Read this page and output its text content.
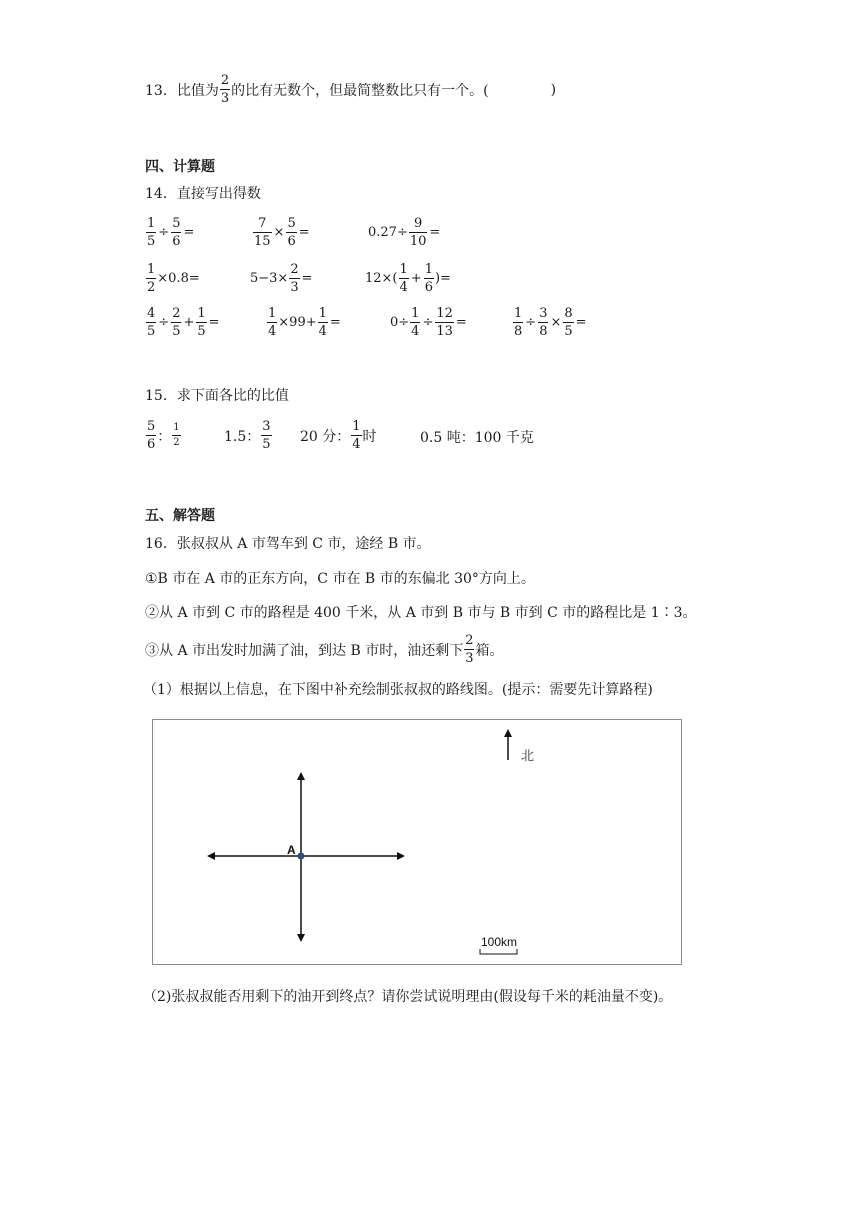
13． 比值为 $\frac{2}{3}$ 的比有无数个，但最简整数比只有一个。(	)
四、计算题
14．直接写出得数
$\frac{1}{5} \div \frac{5}{6}$ =	$\frac{7}{15} \times \frac{5}{6}$ =	$0.27\div \frac{9}{10}$ =
$\frac{1}{2} \times 0.8=$	$5-3\times \frac{2}{3}$ =	$12\times( \frac{1}{4} + \frac{1}{6}$ )=
$\frac{4}{5} \div \frac{2}{5} + \frac{1}{5}$ =	$\frac{1}{4} \times 99+ \frac{1}{4}$ =	$0\div \frac{1}{4} \div \frac{12}{13}$ =	$\frac{1}{8} \div \frac{3}{8} \times \frac{8}{5}$ =
15．求下面各比的比值
$\frac{5}{6}$ ： $\frac{1}{2}$	1.5： $\frac{3}{5} 20$ 分： $\frac{1}{4}$ 时	0.5 吨：100 千克
五、解答题
16．张叔叔从 A 市驾车到 C 市，途经 B 市。
①B 市在 A 市的正东方向，C 市在 B 市的东偏北 30°方向上。
②从 A 市到 C 市的路程是 400 千米，从 A 市到 B 市与 B 市到 C 市的路程比是 1∶3。
③从 A 市出发时加满了油，到达 B 市时，油还剩下 $\frac{2}{3}$ 箱。
（1）根据以上信息，在下图中补充绘制张叔叔的路线图。(提示：需要先计算路程)
A
北
100km
（2)张叔叔能否用剩下的油开到终点？请你尝试说明理由(假设每千米的耗油量不变)。
